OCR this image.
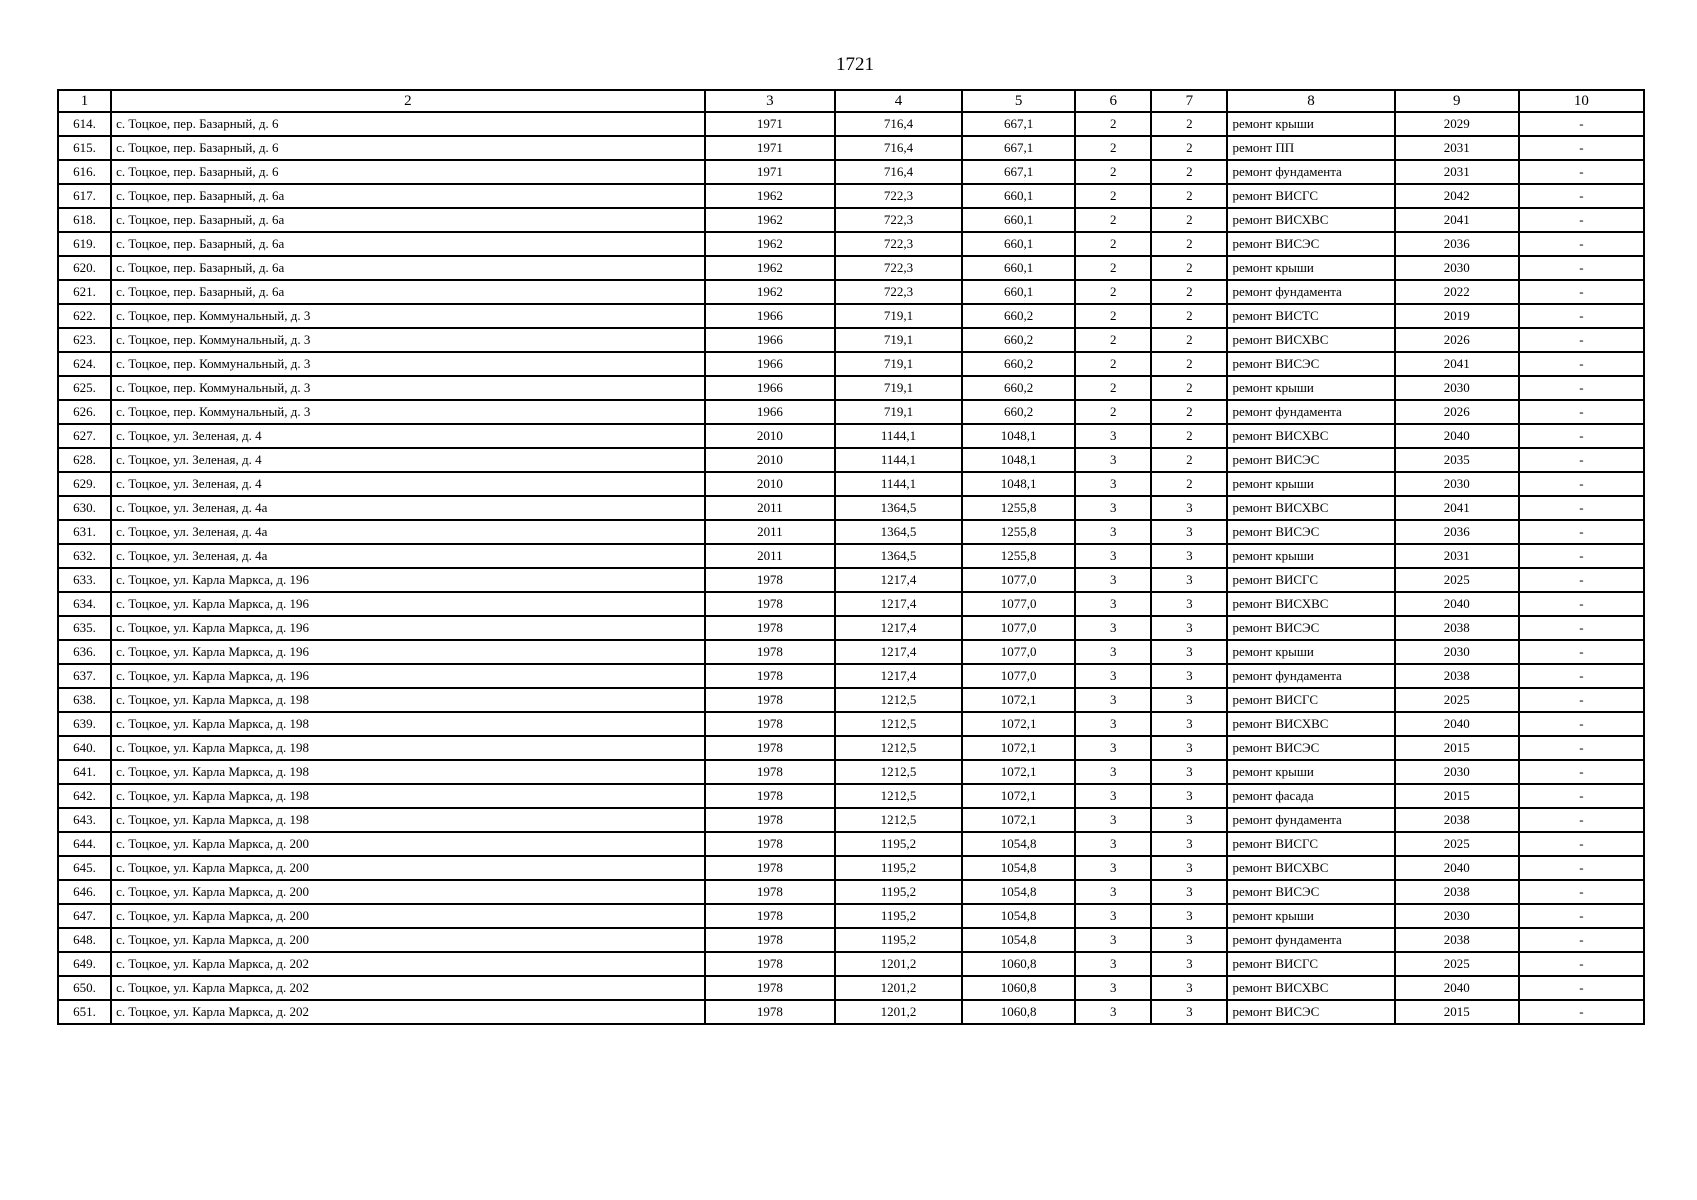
1721
1	2	3	4	5	6	7	8	9	10
614.	с. Тоцкое, пер. Базарный, д. 6	1971	716,4	667,1	2	2	ремонт крыши	2029	-
615.	с. Тоцкое, пер. Базарный, д. 6	1971	716,4	667,1	2	2	ремонт ПП	2031	-
616.	с. Тоцкое, пер. Базарный, д. 6	1971	716,4	667,1	2	2	ремонт фундамента	2031	-
617.	с. Тоцкое, пер. Базарный, д. 6а	1962	722,3	660,1	2	2	ремонт ВИСГС	2042	-
618.	с. Тоцкое, пер. Базарный, д. 6а	1962	722,3	660,1	2	2	ремонт ВИСХВС	2041	-
619.	с. Тоцкое, пер. Базарный, д. 6а	1962	722,3	660,1	2	2	ремонт ВИСЭС	2036	-
620.	с. Тоцкое, пер. Базарный, д. 6а	1962	722,3	660,1	2	2	ремонт крыши	2030	-
621.	с. Тоцкое, пер. Базарный, д. 6а	1962	722,3	660,1	2	2	ремонт фундамента	2022	-
622.	с. Тоцкое, пер. Коммунальный, д. 3	1966	719,1	660,2	2	2	ремонт ВИСТС	2019	-
623.	с. Тоцкое, пер. Коммунальный, д. 3	1966	719,1	660,2	2	2	ремонт ВИСХВС	2026	-
624.	с. Тоцкое, пер. Коммунальный, д. 3	1966	719,1	660,2	2	2	ремонт ВИСЭС	2041	-
625.	с. Тоцкое, пер. Коммунальный, д. 3	1966	719,1	660,2	2	2	ремонт крыши	2030	-
626.	с. Тоцкое, пер. Коммунальный, д. 3	1966	719,1	660,2	2	2	ремонт фундамента	2026	-
627.	с. Тоцкое, ул. Зеленая, д. 4	2010	1144,1	1048,1	3	2	ремонт ВИСХВС	2040	-
628.	с. Тоцкое, ул. Зеленая, д. 4	2010	1144,1	1048,1	3	2	ремонт ВИСЭС	2035	-
629.	с. Тоцкое, ул. Зеленая, д. 4	2010	1144,1	1048,1	3	2	ремонт крыши	2030	-
630.	с. Тоцкое, ул. Зеленая, д. 4а	2011	1364,5	1255,8	3	3	ремонт ВИСХВС	2041	-
631.	с. Тоцкое, ул. Зеленая, д. 4а	2011	1364,5	1255,8	3	3	ремонт ВИСЭС	2036	-
632.	с. Тоцкое, ул. Зеленая, д. 4а	2011	1364,5	1255,8	3	3	ремонт крыши	2031	-
633.	с. Тоцкое, ул. Карла Маркса, д. 196	1978	1217,4	1077,0	3	3	ремонт ВИСГС	2025	-
634.	с. Тоцкое, ул. Карла Маркса, д. 196	1978	1217,4	1077,0	3	3	ремонт ВИСХВС	2040	-
635.	с. Тоцкое, ул. Карла Маркса, д. 196	1978	1217,4	1077,0	3	3	ремонт ВИСЭС	2038	-
636.	с. Тоцкое, ул. Карла Маркса, д. 196	1978	1217,4	1077,0	3	3	ремонт крыши	2030	-
637.	с. Тоцкое, ул. Карла Маркса, д. 196	1978	1217,4	1077,0	3	3	ремонт фундамента	2038	-
638.	с. Тоцкое, ул. Карла Маркса, д. 198	1978	1212,5	1072,1	3	3	ремонт ВИСГС	2025	-
639.	с. Тоцкое, ул. Карла Маркса, д. 198	1978	1212,5	1072,1	3	3	ремонт ВИСХВС	2040	-
640.	с. Тоцкое, ул. Карла Маркса, д. 198	1978	1212,5	1072,1	3	3	ремонт ВИСЭС	2015	-
641.	с. Тоцкое, ул. Карла Маркса, д. 198	1978	1212,5	1072,1	3	3	ремонт крыши	2030	-
642.	с. Тоцкое, ул. Карла Маркса, д. 198	1978	1212,5	1072,1	3	3	ремонт фасада	2015	-
643.	с. Тоцкое, ул. Карла Маркса, д. 198	1978	1212,5	1072,1	3	3	ремонт фундамента	2038	-
644.	с. Тоцкое, ул. Карла Маркса, д. 200	1978	1195,2	1054,8	3	3	ремонт ВИСГС	2025	-
645.	с. Тоцкое, ул. Карла Маркса, д. 200	1978	1195,2	1054,8	3	3	ремонт ВИСХВС	2040	-
646.	с. Тоцкое, ул. Карла Маркса, д. 200	1978	1195,2	1054,8	3	3	ремонт ВИСЭС	2038	-
647.	с. Тоцкое, ул. Карла Маркса, д. 200	1978	1195,2	1054,8	3	3	ремонт крыши	2030	-
648.	с. Тоцкое, ул. Карла Маркса, д. 200	1978	1195,2	1054,8	3	3	ремонт фундамента	2038	-
649.	с. Тоцкое, ул. Карла Маркса, д. 202	1978	1201,2	1060,8	3	3	ремонт ВИСГС	2025	-
650.	с. Тоцкое, ул. Карла Маркса, д. 202	1978	1201,2	1060,8	3	3	ремонт ВИСХВС	2040	-
651.	с. Тоцкое, ул. Карла Маркса, д. 202	1978	1201,2	1060,8	3	3	ремонт ВИСЭС	2015	-
